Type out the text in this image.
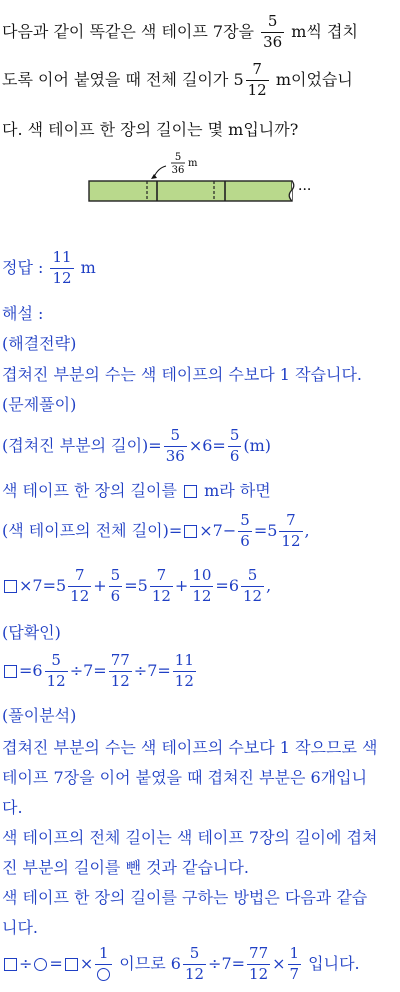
다음과 같이 똑같은 색 테이프 7장을 $\frac{5}{36}$ m씩 겹치
도록 이어 붙였을 때 전체 길이가 $5 \frac{7}{12}$ m이었습니
다. 색 테이프 한 장의 길이는 몇 m입니까?
5
36
m
···
정답 : $\frac{11}{12}$ m
해설 :
(해결전략)
겹쳐진 부분의 수는 색 테이프의 수보다 1 작습니다.
(문제풀이)
(겹쳐진 부분의 길이)= $\frac{5}{36} \times 6= \frac{5}{6} (m)$
색 테이프 한 장의 길이를 m라 하면
(색 테이프의 전체 길이)= $\times 7- \frac{5}{6} =5 \frac{7}{12}$ ,
$\times 7=5 \frac{7}{12} + \frac{5}{6} =5 \frac{7}{12} + \frac{10}{12} =6 \frac{5}{12}$ ,
(답확인)
$=6 \frac{5}{12} \div 7= \frac{77}{12} \div 7= \frac{11}{12}$
(풀이분석)
겹쳐진 부분의 수는 색 테이프의 수보다 1 작으므로 색
테이프 7장을 이어 붙였을 때 겹쳐진 부분은 6개입니
다.
색 테이프의 전체 길이는 색 테이프 7장의 길이에 겹쳐
진 부분의 길이를 뺀 것과 같습니다.
색 테이프 한 장의 길이를 구하는 방법은 다음과 같습
니다.
÷ = ×
1
이므로 $6 \frac{5}{12} \div 7= \frac{77}{12} \times \frac{1}{7}$ 입니다.
